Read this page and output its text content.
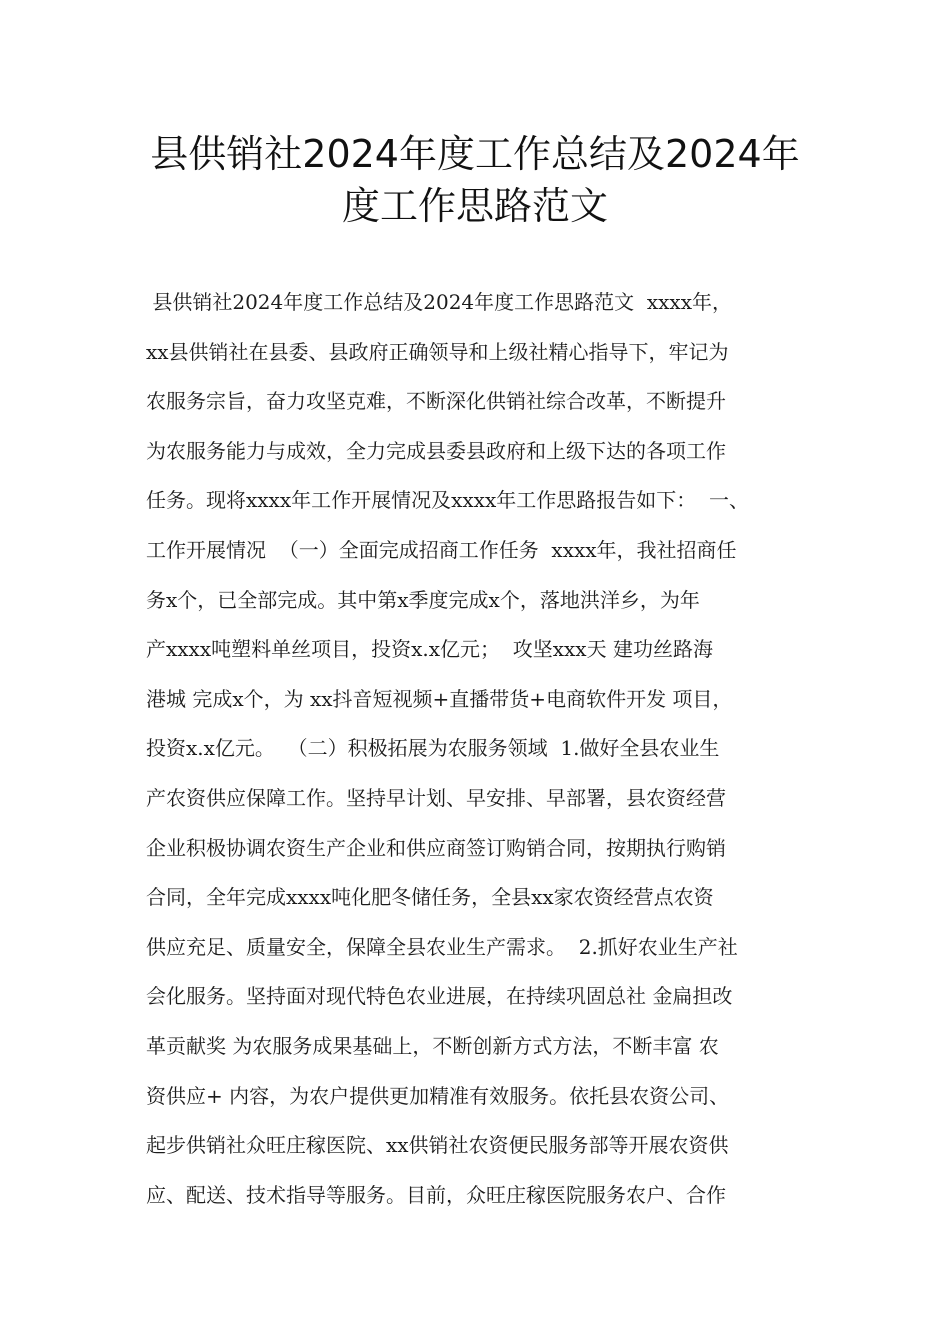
县供销社2024年度工作总结及2024年
度工作思路范文
县供销社2024年度工作总结及2024年度工作思路范文  xxxx年，
xx县供销社在县委、县政府正确领导和上级社精心指导下，牢记为
农服务宗旨，奋力攻坚克难，不断深化供销社综合改革，不断提升
为农服务能力与成效，全力完成县委县政府和上级下达的各项工作
任务。现将xxxx年工作开展情况及xxxx年工作思路报告如下：  一、
工作开展情况  （一）全面完成招商工作任务  xxxx年，我社招商任
务x个，已全部完成。其中第x季度完成x个，落地洪洋乡，为年
产xxxx吨塑料单丝项目，投资x.x亿元；  攻坚xxx天 建功丝路海
港城 完成x个，为 xx抖音短视频+直播带货+电商软件开发 项目，
投资x.x亿元。  （二）积极拓展为农服务领域  1.做好全县农业生
产农资供应保障工作。坚持早计划、早安排、早部署，县农资经营
企业积极协调农资生产企业和供应商签订购销合同，按期执行购销
合同，全年完成xxxx吨化肥冬储任务，全县xx家农资经营点农资
供应充足、质量安全，保障全县农业生产需求。  2.抓好农业生产社
会化服务。坚持面对现代特色农业进展，在持续巩固总社 金扁担改
革贡献奖 为农服务成果基础上，不断创新方式方法，不断丰富 农
资供应+ 内容，为农户提供更加精准有效服务。依托县农资公司、
起步供销社众旺庄稼医院、xx供销社农资便民服务部等开展农资供
应、配送、技术指导等服务。目前，众旺庄稼医院服务农户、合作
